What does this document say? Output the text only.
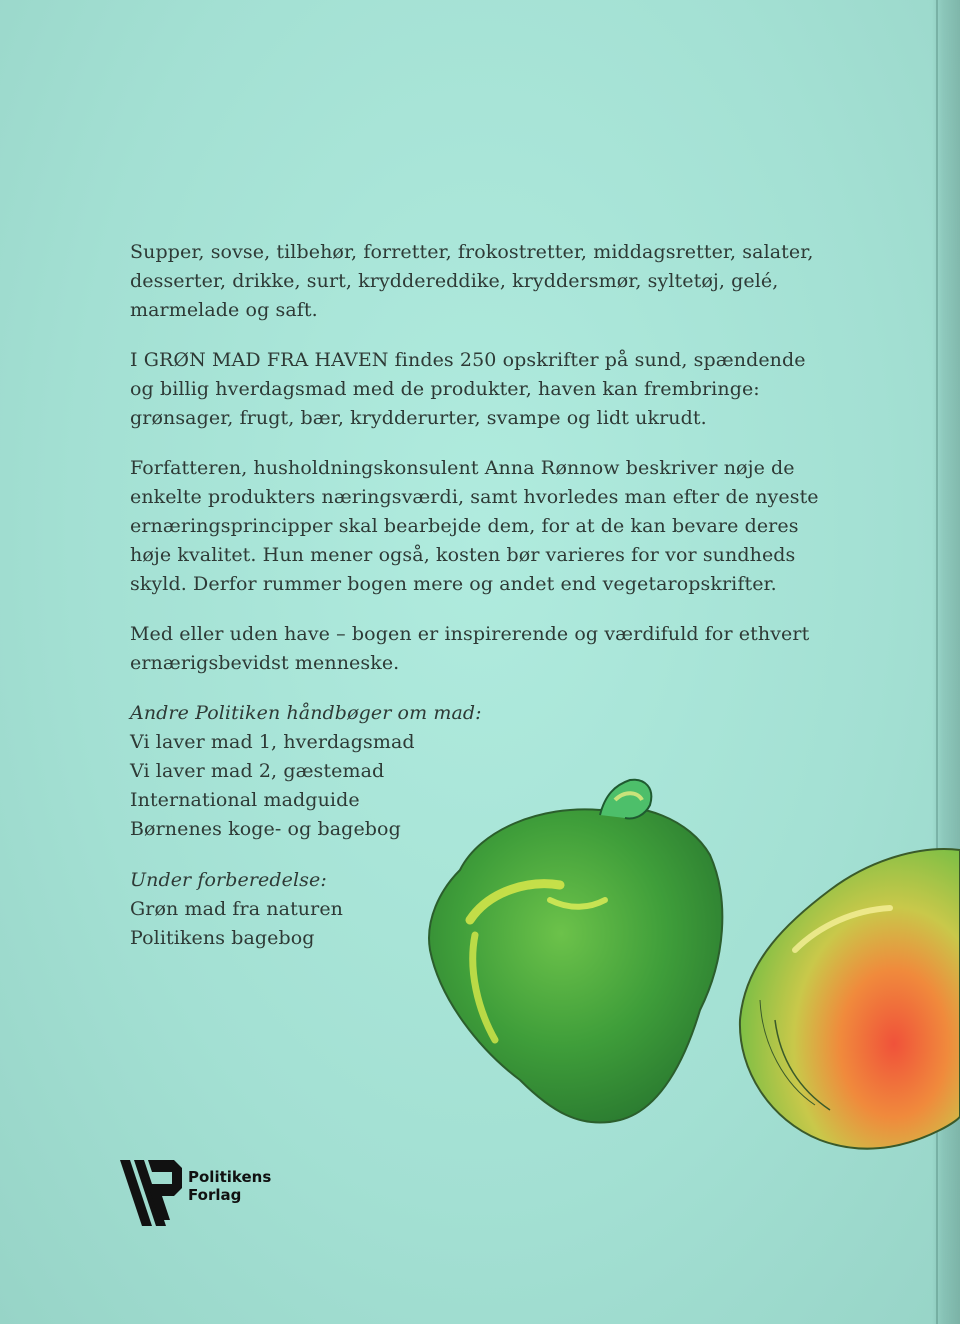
Supper, sovse, tilbehør, forretter, frokostretter, middagsretter, salater, desserter, drikke, surt, kryddereddike, kryddersmør, syltetøj, gelé, marmelade og saft.

I GRØN MAD FRA HAVEN findes 250 opskrifter på sund, spændende og billig hverdagsmad med de produkter, haven kan frembringe: grønsager, frugt, bær, krydderurter, svampe og lidt ukrudt.

Forfatteren, husholdningskonsulent Anna Rønnow beskriver nøje de enkelte produkters næringsværdi, samt hvorledes man efter de nyeste ernæringsprincipper skal bearbejde dem, for at de kan bevare deres høje kvalitet. Hun mener også, kosten bør varieres for vor sundheds skyld. Derfor rummer bogen mere og andet end vegetaropskrifter.

Med eller uden have – bogen er inspirerende og værdifuld for ethvert ernærigsbevidst menneske.

Andre Politiken håndbøger om mad:

Vi laver mad 1, hverdagsmad
Vi laver mad 2, gæstemad
International madguide
Børnenes koge- og bagebog

Under forberedelse:

Grøn mad fra naturen
Politikens bagebog
Politikens
Forlag
